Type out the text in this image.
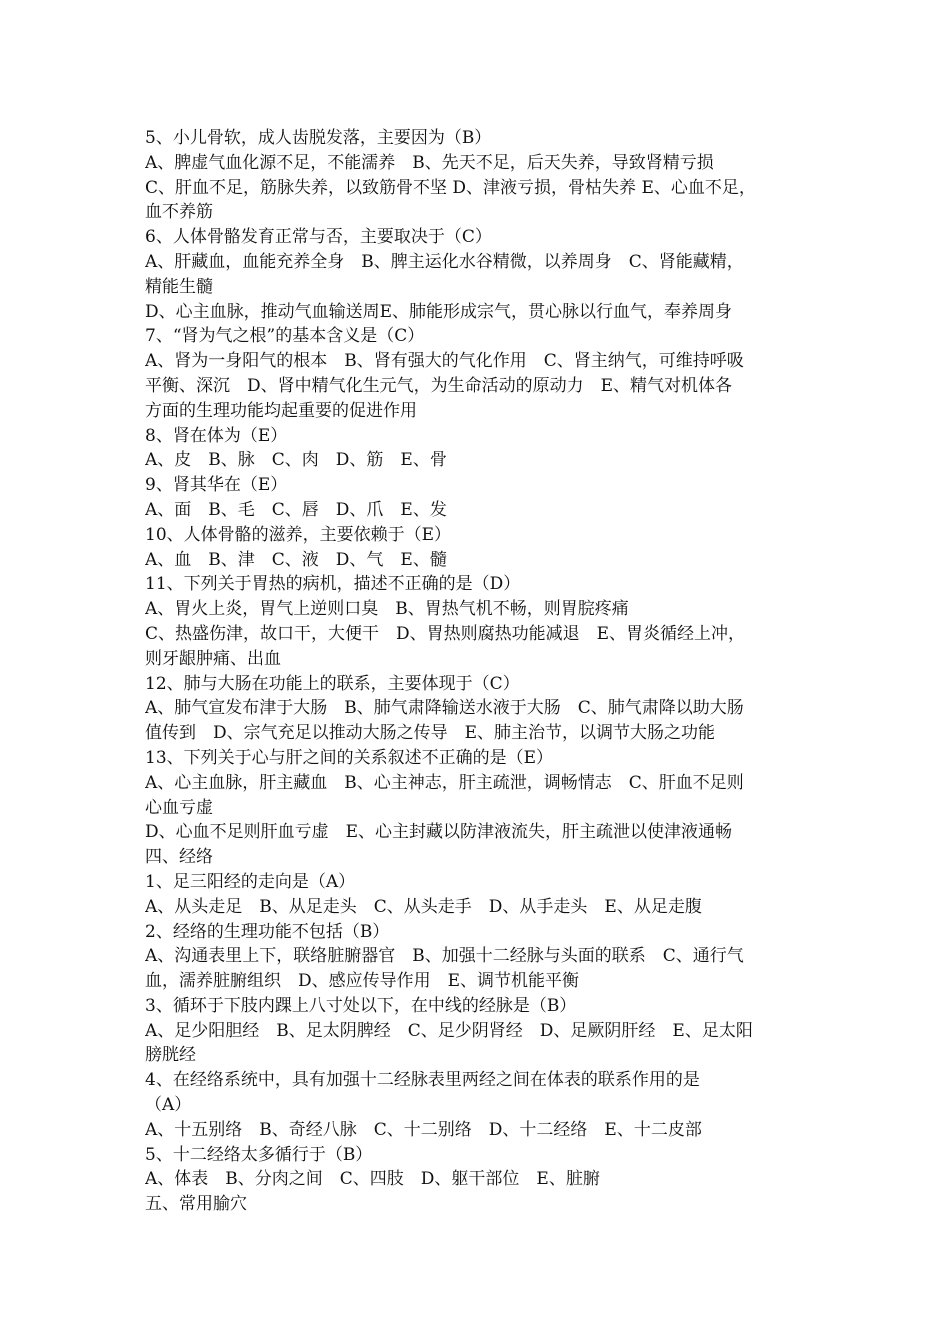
5、小儿骨软，成人齿脱发落，主要因为（B）
A、脾虚气血化源不足，不能濡养　B、先天不足，后天失养，导致肾精亏损
C、肝血不足，筋脉失养，以致筋骨不坚 D、津液亏损，骨枯失养 E、心血不足，
血不养筋
6、人体骨骼发育正常与否，主要取决于（C）
A、肝藏血，血能充养全身　B、脾主运化水谷精微，以养周身　C、肾能藏精，
精能生髓
D、心主血脉，推动气血输送周E、肺能形成宗气，贯心脉以行血气，奉养周身
7、“肾为气之根”的基本含义是（C）
A、肾为一身阳气的根本　B、肾有强大的气化作用　C、肾主纳气，可维持呼吸
平衡、深沉　D、肾中精气化生元气，为生命活动的原动力　E、精气对机体各
方面的生理功能均起重要的促进作用
8、肾在体为（E）
A、皮　B、脉　C、肉　D、筋　E、骨
9、肾其华在（E）
A、面　B、毛　C、唇　D、爪　E、发
10、人体骨骼的滋养，主要依赖于（E）
A、血　B、津　C、液　D、气　E、髓
11、下列关于胃热的病机，描述不正确的是（D）
A、胃火上炎，胃气上逆则口臭　B、胃热气机不畅，则胃脘疼痛
C、热盛伤津，故口干，大便干　D、胃热则腐热功能减退　E、胃炎循经上冲，
则牙龈肿痛、出血
12、肺与大肠在功能上的联系，主要体现于（C）
A、肺气宣发布津于大肠　B、肺气肃降输送水液于大肠　C、肺气肃降以助大肠
值传到　D、宗气充足以推动大肠之传导　E、肺主治节，以调节大肠之功能
13、下列关于心与肝之间的关系叙述不正确的是（E）
A、心主血脉，肝主藏血　B、心主神志，肝主疏泄，调畅情志　C、肝血不足则
心血亏虚
D、心血不足则肝血亏虚　E、心主封藏以防津液流失，肝主疏泄以使津液通畅
四、经络
1、足三阳经的走向是（A）
A、从头走足　B、从足走头　C、从头走手　D、从手走头　E、从足走腹
2、经络的生理功能不包括（B）
A、沟通表里上下，联络脏腑器官　B、加强十二经脉与头面的联系　C、通行气
血，濡养脏腑组织　D、感应传导作用　E、调节机能平衡
3、循环于下肢内踝上八寸处以下，在中线的经脉是（B）
A、足少阳胆经　B、足太阴脾经　C、足少阴肾经　D、足厥阴肝经　E、足太阳
膀胱经
4、在经络系统中，具有加强十二经脉表里两经之间在体表的联系作用的是
（A）
A、十五别络　B、奇经八脉　C、十二别络　D、十二经络　E、十二皮部
5、十二经络太多循行于（B）
A、体表　B、分肉之间　C、四肢　D、躯干部位　E、脏腑
五、常用腧穴
